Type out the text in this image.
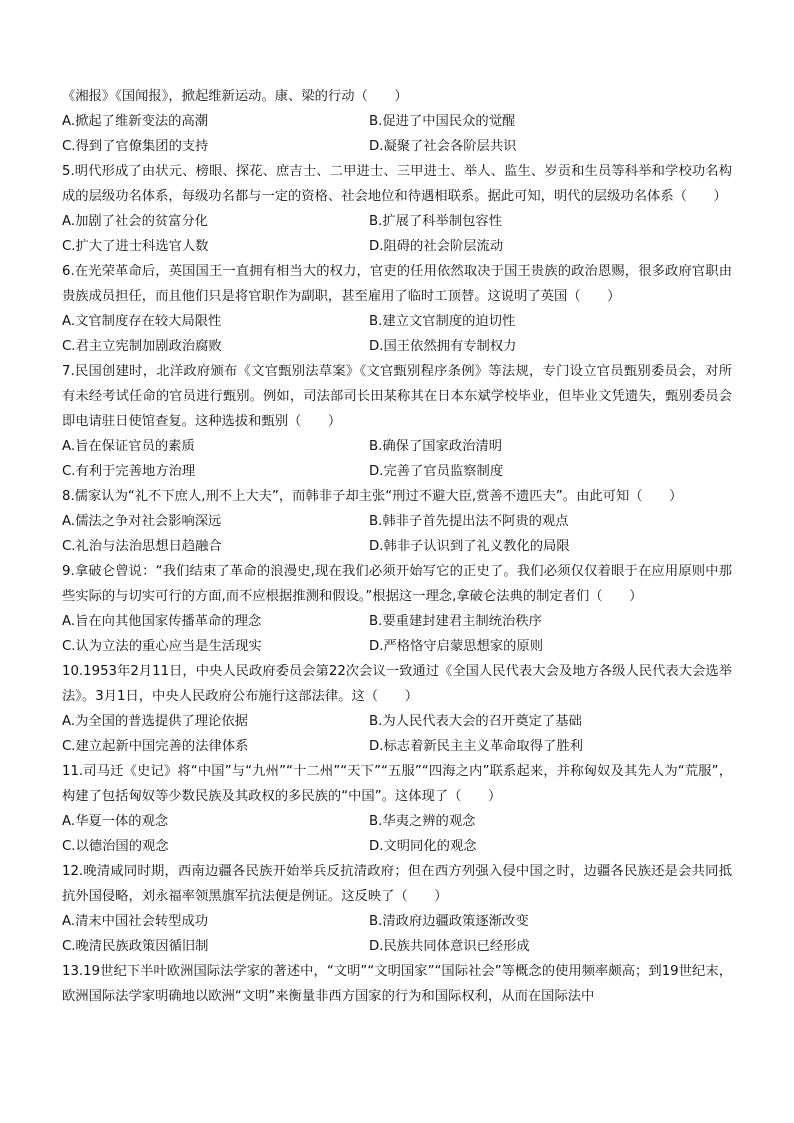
《湘报》《国闻报》，掀起维新运动。康、梁的行动（　　）
A.掀起了维新变法的高潮	B.促进了中国民众的觉醒
C.得到了官僚集团的支持	D.凝聚了社会各阶层共识
5.明代形成了由状元、榜眼、探花、庶吉士、二甲进士、三甲进士、举人、监生、岁贡和生员等科举和学校功名构成的层级功名体系，每级功名都与一定的资格、社会地位和待遇相联系。据此可知，明代的层级功名体系（　　）
A.加剧了社会的贫富分化	B.扩展了科举制包容性
C.扩大了进士科选官人数	D.阻碍的社会阶层流动
6.在光荣革命后，英国国王一直拥有相当大的权力，官吏的任用依然取决于国王贵族的政治恩赐，很多政府官职由贵族成员担任，而且他们只是将官职作为副职，甚至雇用了临时工顶替。这说明了英国（　　）
A.文官制度存在较大局限性	B.建立文官制度的迫切性
C.君主立宪制加剧政治腐败	D.国王依然拥有专制权力
7.民国创建时，北洋政府颁布《文官甄别法草案》《文官甄别程序条例》等法规，专门设立官员甄别委员会，对所有未经考试任命的官员进行甄别。例如，司法部司长田某称其在日本东斌学校毕业，但毕业文凭遗失，甄别委员会即电请驻日使馆查复。这种选拔和甄别（　　）
A.旨在保证官员的素质	B.确保了国家政治清明
C.有利于完善地方治理	D.完善了官员监察制度
8.儒家认为“礼不下庶人,刑不上大夫”，而韩非子却主张“刑过不避大臣,赏善不遗匹夫”。由此可知（　　）
A.儒法之争对社会影响深远	B.韩非子首先提出法不阿贵的观点
C.礼治与法治思想日趋融合	D.韩非子认识到了礼义教化的局限
9.拿破仑曾说：“我们结束了革命的浪漫史,现在我们必须开始写它的正史了。我们必须仅仅着眼于在应用原则中那些实际的与切实可行的方面,而不应根据推测和假设。”根据这一理念,拿破仑法典的制定者们（　　）
A.旨在向其他国家传播革命的理念	B.要重建封建君主制统治秩序
C.认为立法的重心应当是生活现实	D.严格恪守启蒙思想家的原则
10.1953年2月11日，中央人民政府委员会第22次会议一致通过《全国人民代表大会及地方各级人民代表大会选举法》。3月1日，中央人民政府公布施行这部法律。这（　　）
A.为全国的普选提供了理论依据	B.为人民代表大会的召开奠定了基础
C.建立起新中国完善的法律体系	D.标志着新民主主义革命取得了胜利
11.司马迁《史记》将“中国”与“九州”“十二州”“天下”“五服”“四海之内”联系起来，并称匈奴及其先人为“荒服”，构建了包括匈奴等少数民族及其政权的多民族的“中国”。这体现了（　　）
A.华夏一体的观念	B.华夷之辨的观念
C.以德治国的观念	D.文明同化的观念
12.晚清咸同时期，西南边疆各民族开始举兵反抗清政府；但在西方列强入侵中国之时，边疆各民族还是会共同抵抗外国侵略，刘永福率领黑旗军抗法便是例证。这反映了（　　）
A.清末中国社会转型成功	B.清政府边疆政策逐渐改变
C.晚清民族政策因循旧制	D.民族共同体意识已经形成
13.19世纪下半叶欧洲国际法学家的著述中，“文明”“文明国家”“国际社会”等概念的使用频率颇高；到19世纪末，欧洲国际法学家明确地以欧洲“文明”来衡量非西方国家的行为和国际权利，从而在国际法中
